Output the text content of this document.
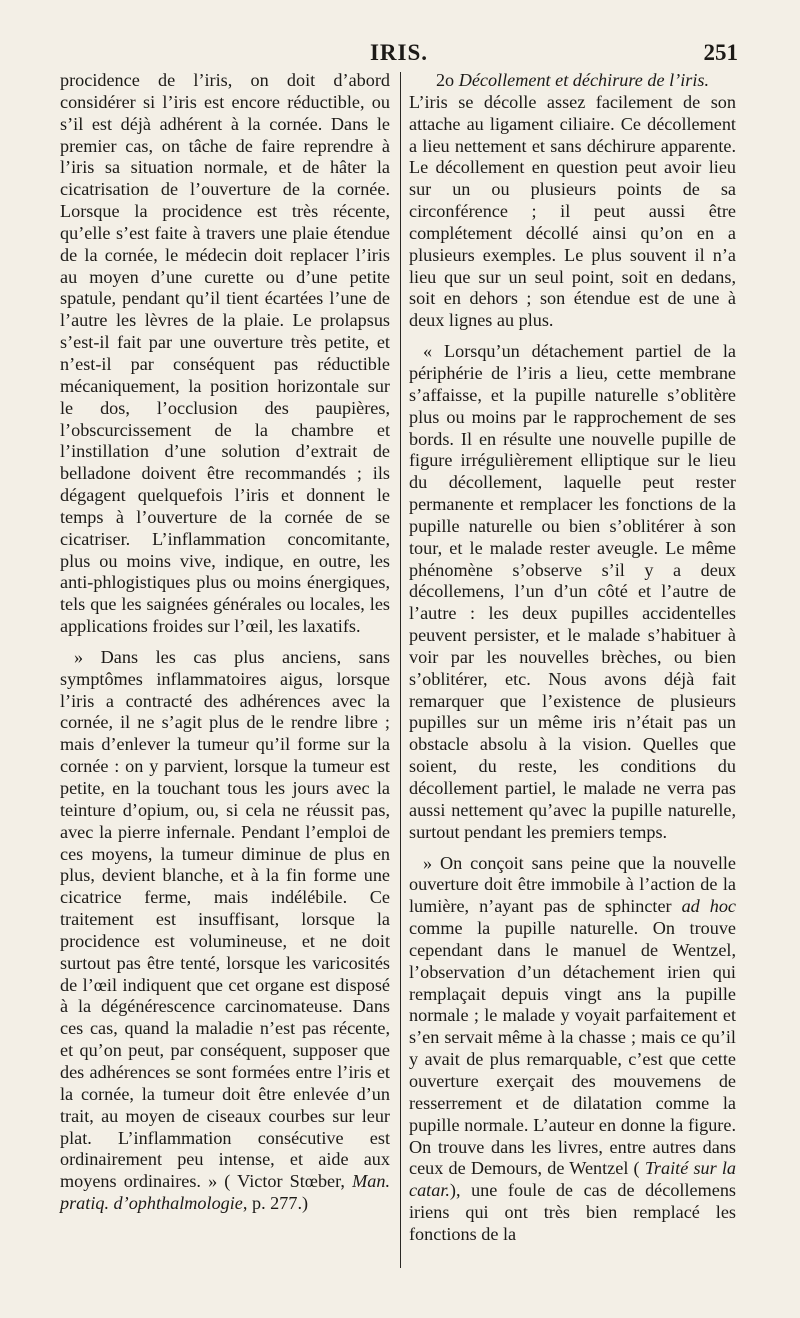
IRIS.	251

procidence de l’iris, on doit d’abord considérer si l’iris est encore réductible, ou s’il est déjà adhérent à la cornée. Dans le premier cas, on tâche de faire reprendre à l’iris sa situation normale, et de hâter la cicatrisation de l’ouverture de la cornée. Lorsque la procidence est très récente, qu’elle s’est faite à travers une plaie étendue de la cornée, le médecin doit replacer l’iris au moyen d’une curette ou d’une petite spatule, pendant qu’il tient écartées l’une de l’autre les lèvres de la plaie. Le prolapsus s’est-il fait par une ouverture très petite, et n’est-il par conséquent pas réductible mécaniquement, la position horizontale sur le dos, l’occlusion des paupières, l’obscurcissement de la chambre et l’instillation d’une solution d’extrait de belladone doivent être recommandés ; ils dégagent quelquefois l’iris et donnent le temps à l’ouverture de la cornée de se cicatriser. L’inflammation concomitante, plus ou moins vive, indique, en outre, les anti-phlogistiques plus ou moins énergiques, tels que les saignées générales ou locales, les applications froides sur l’œil, les laxatifs.

» Dans les cas plus anciens, sans symptômes inflammatoires aigus, lorsque l’iris a contracté des adhérences avec la cornée, il ne s’agit plus de le rendre libre ; mais d’enlever la tumeur qu’il forme sur la cornée : on y parvient, lorsque la tumeur est petite, en la touchant tous les jours avec la teinture d’opium, ou, si cela ne réussit pas, avec la pierre infernale. Pendant l’emploi de ces moyens, la tumeur diminue de plus en plus, devient blanche, et à la fin forme une cicatrice ferme, mais indélébile. Ce traitement est insuffisant, lorsque la procidence est volumineuse, et ne doit surtout pas être tenté, lorsque les varicosités de l’œil indiquent que cet organe est disposé à la dégénérescence carcinomateuse. Dans ces cas, quand la maladie n’est pas récente, et qu’on peut, par conséquent, supposer que des adhérences se sont formées entre l’iris et la cornée, la tumeur doit être enlevée d’un trait, au moyen de ciseaux courbes sur leur plat. L’inflammation consécutive est ordinairement peu intense, et aide aux moyens ordinaires. » ( Victor Stœber, Man. pratiq. d’ophthalmologie, p. 277.)

2o Décollement et déchirure de l’iris.

L’iris se décolle assez facilement de son attache au ligament ciliaire. Ce décollement a lieu nettement et sans déchirure apparente. Le décollement en question peut avoir lieu sur un ou plusieurs points de sa circonférence ; il peut aussi être complétement décollé ainsi qu’on en a plusieurs exemples. Le plus souvent il n’a lieu que sur un seul point, soit en dedans, soit en dehors ; son étendue est de une à deux lignes au plus.

« Lorsqu’un détachement partiel de la périphérie de l’iris a lieu, cette membrane s’affaisse, et la pupille naturelle s’oblitère plus ou moins par le rapprochement de ses bords. Il en résulte une nouvelle pupille de figure irrégulièrement elliptique sur le lieu du décollement, laquelle peut rester permanente et remplacer les fonctions de la pupille naturelle ou bien s’oblitérer à son tour, et le malade rester aveugle. Le même phénomène s’observe s’il y a deux décollemens, l’un d’un côté et l’autre de l’autre : les deux pupilles accidentelles peuvent persister, et le malade s’habituer à voir par les nouvelles brèches, ou bien s’oblitérer, etc. Nous avons déjà fait remarquer que l’existence de plusieurs pupilles sur un même iris n’était pas un obstacle absolu à la vision. Quelles que soient, du reste, les conditions du décollement partiel, le malade ne verra pas aussi nettement qu’avec la pupille naturelle, surtout pendant les premiers temps.

» On conçoit sans peine que la nouvelle ouverture doit être immobile à l’action de la lumière, n’ayant pas de sphincter ad hoc comme la pupille naturelle. On trouve cependant dans le manuel de Wentzel, l’observation d’un détachement irien qui remplaçait depuis vingt ans la pupille normale ; le malade y voyait parfaitement et s’en servait même à la chasse ; mais ce qu’il y avait de plus remarquable, c’est que cette ouverture exerçait des mouvemens de resserrement et de dilatation comme la pupille normale. L’auteur en donne la figure. On trouve dans les livres, entre autres dans ceux de Demours, de Wentzel ( Traité sur la catar.), une foule de cas de décollemens iriens qui ont très bien remplacé les fonctions de la
